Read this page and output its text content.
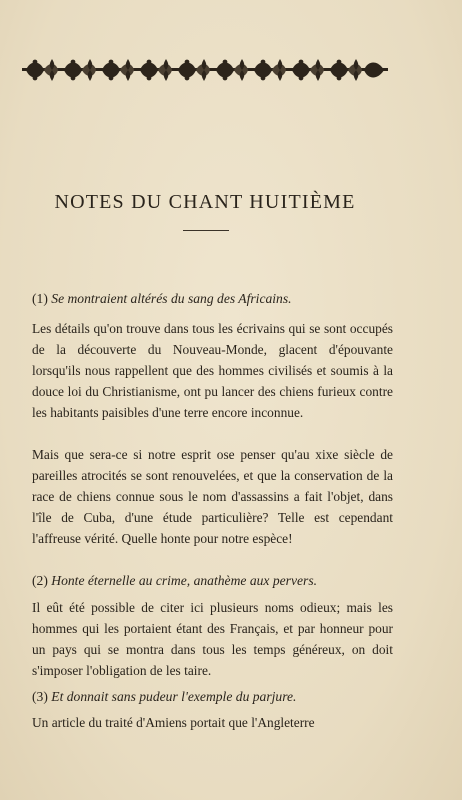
NOTES DU CHANT HUITIÈME

(1) Se montraient altérés du sang des Africains.

Les détails qu'on trouve dans tous les écrivains qui se sont occupés de la découverte du Nouveau-Monde, glacent d'épouvante lorsqu'ils nous rappellent que des hommes civilisés et soumis à la douce loi du Christianisme, ont pu lancer des chiens furieux contre les habitants paisibles d'une terre encore inconnue.

Mais que sera-ce si notre esprit ose penser qu'au xixe siècle de pareilles atrocités se sont renouvelées, et que la conservation de la race de chiens connue sous le nom d'assassins a fait l'objet, dans l'île de Cuba, d'une étude particulière? Telle est cependant l'affreuse vérité. Quelle honte pour notre espèce!

(2) Honte éternelle au crime, anathème aux pervers.

Il eût été possible de citer ici plusieurs noms odieux; mais les hommes qui les portaient étant des Français, et par honneur pour un pays qui se montra dans tous les temps généreux, on doit s'imposer l'obligation de les taire.

(3) Et donnait sans pudeur l'exemple du parjure.

Un article du traité d'Amiens portait que l'Angleterre
